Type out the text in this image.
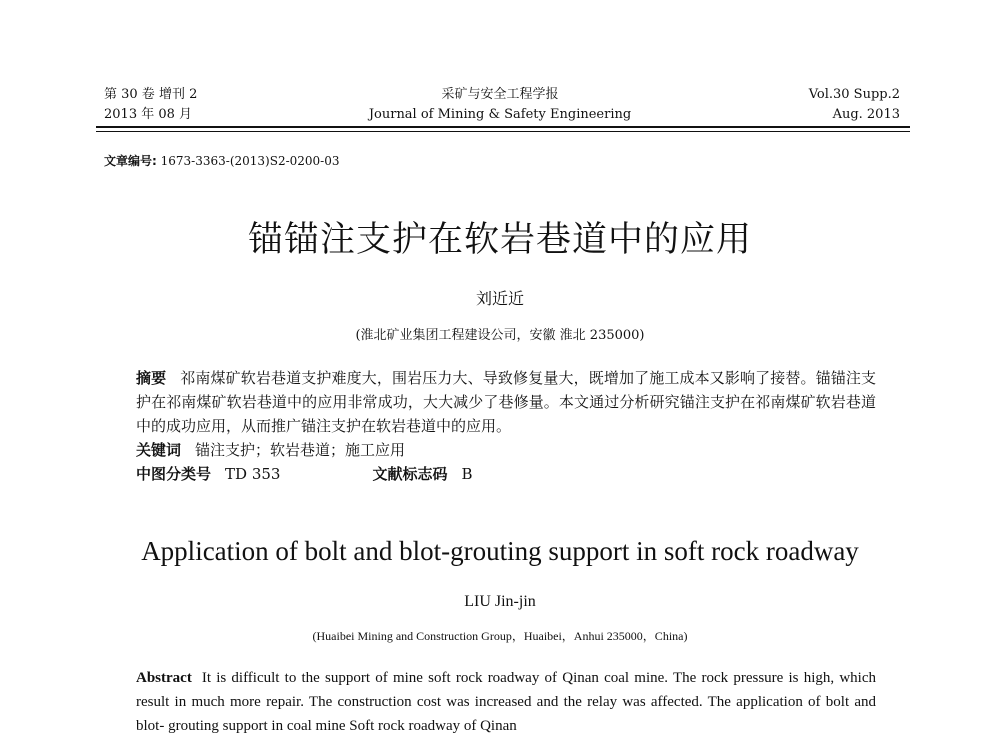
第 30 卷 增刊 2
2013 年 08 月
采矿与安全工程学报
Journal of Mining & Safety Engineering
Vol.30 Supp.2
Aug. 2013
文章编号: 1673-3363-(2013)S2-0200-03
锚锚注支护在软岩巷道中的应用
刘近近
(淮北矿业集团工程建设公司，安徽 淮北 235000)

摘要 祁南煤矿软岩巷道支护难度大，围岩压力大、导致修复量大，既增加了施工成本又影响了接替。锚锚注支护在祁南煤矿软岩巷道中的应用非常成功，大大减少了巷修量。本文通过分析研究锚注支护在祁南煤矿软岩巷道中的成功应用，从而推广锚注支护在软岩巷道中的应用。

关键词 锚注支护；软岩巷道；施工应用

中图分类号 TD 353	文献标志码 B

Application of bolt and blot-grouting support in soft rock roadway
LIU Jin-jin
(Huaibei Mining and Construction Group，Huaibei，Anhui 235000，China)
Abstract It is difficult to the support of mine soft rock roadway of Qinan coal mine. The rock pressure is high, which result in much more repair. The construction cost was increased and the relay was affected. The application of bolt and blot- grouting support in coal mine Soft rock roadway of Qinan
